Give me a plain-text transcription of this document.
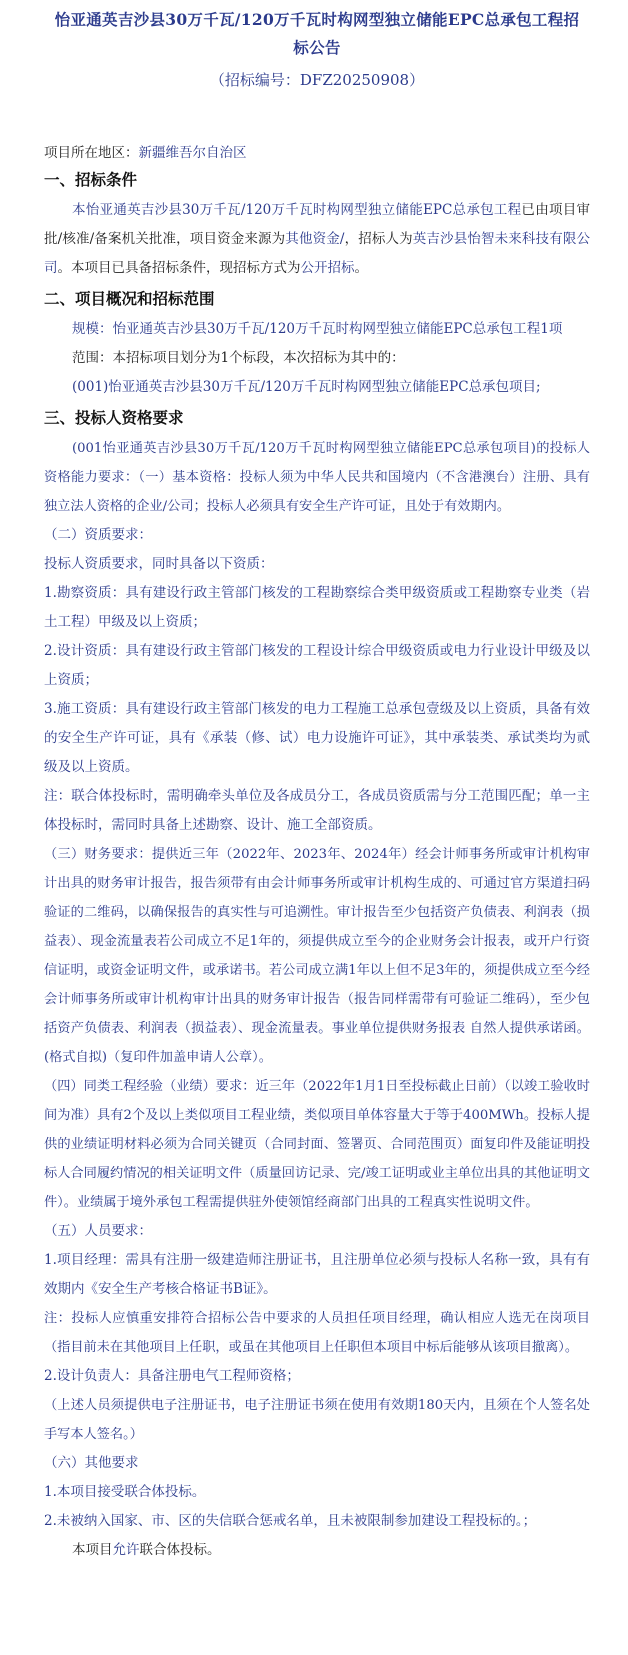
怡亚通英吉沙县30万千瓦/120万千瓦时构网型独立储能EPC总承包工程招标公告
（招标编号：DFZ20250908）
项目所在地区：新疆维吾尔自治区
一、招标条件

本怡亚通英吉沙县30万千瓦/120万千瓦时构网型独立储能EPC总承包工程已由项目审批/核准/备案机关批准，项目资金来源为其他资金/，招标人为英吉沙县怡智未来科技有限公司。本项目已具备招标条件，现招标方式为公开招标。

二、项目概况和招标范围

规模：怡亚通英吉沙县30万千瓦/120万千瓦时构网型独立储能EPC总承包工程1项

范围：本招标项目划分为1个标段，本次招标为其中的：

(001)怡亚通英吉沙县30万千瓦/120万千瓦时构网型独立储能EPC总承包项目;

三、投标人资格要求

(001怡亚通英吉沙县30万千瓦/120万千瓦时构网型独立储能EPC总承包项目)的投标人资格能力要求：（一）基本资格：投标人须为中华人民共和国境内（不含港澳台）注册、具有独立法人资格的企业/公司；投标人必须具有安全生产许可证，且处于有效期内。

（二）资质要求：

投标人资质要求，同时具备以下资质：

1.勘察资质：具有建设行政主管部门核发的工程勘察综合类甲级资质或工程勘察专业类（岩土工程）甲级及以上资质；

2.设计资质：具有建设行政主管部门核发的工程设计综合甲级资质或电力行业设计甲级及以上资质；

3.施工资质：具有建设行政主管部门核发的电力工程施工总承包壹级及以上资质，具备有效的安全生产许可证，具有《承装（修、试）电力设施许可证》，其中承装类、承试类均为贰级及以上资质。

注：联合体投标时，需明确牵头单位及各成员分工，各成员资质需与分工范围匹配；单一主体投标时，需同时具备上述勘察、设计、施工全部资质。

（三）财务要求：提供近三年（2022年、2023年、2024年）经会计师事务所或审计机构审计出具的财务审计报告，报告须带有由会计师事务所或审计机构生成的、可通过官方渠道扫码验证的二维码，以确保报告的真实性与可追溯性。审计报告至少包括资产负债表、利润表（损益表）、现金流量表若公司成立不足1年的，须提供成立至今的企业财务会计报表，或开户行资信证明，或资金证明文件，或承诺书。若公司成立满1年以上但不足3年的，须提供成立至今经会计师事务所或审计机构审计出具的财务审计报告（报告同样需带有可验证二维码），至少包括资产负债表、利润表（损益表）、现金流量表。事业单位提供财务报表 自然人提供承诺函。(格式自拟)（复印件加盖申请人公章）。

（四）同类工程经验（业绩）要求：近三年（2022年1月1日至投标截止日前）（以竣工验收时间为准）具有2个及以上类似项目工程业绩，类似项目单体容量大于等于400MWh。投标人提供的业绩证明材料必须为合同关键页（合同封面、签署页、合同范围页）面复印件及能证明投标人合同履约情况的相关证明文件（质量回访记录、完/竣工证明或业主单位出具的其他证明文件）。业绩属于境外承包工程需提供驻外使领馆经商部门出具的工程真实性说明文件。

（五）人员要求：

1.项目经理：需具有注册一级建造师注册证书，且注册单位必须与投标人名称一致，具有有效期内《安全生产考核合格证书B证》。

注：投标人应慎重安排符合招标公告中要求的人员担任项目经理，确认相应人选无在岗项目（指目前未在其他项目上任职，或虽在其他项目上任职但本项目中标后能够从该项目撤离）。

2.设计负责人：具备注册电气工程师资格；

（上述人员须提供电子注册证书，电子注册证书须在使用有效期180天内，且须在个人签名处手写本人签名。）

（六）其他要求

1.本项目接受联合体投标。

2.未被纳入国家、市、区的失信联合惩戒名单，且未被限制参加建设工程投标的。；

本项目允许联合体投标。
